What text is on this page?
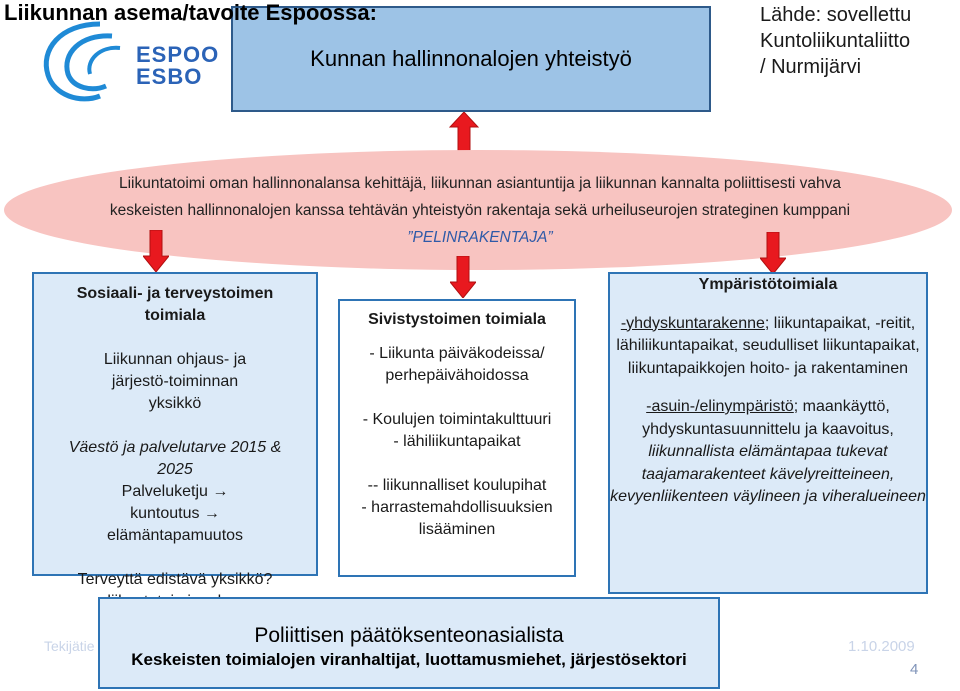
ESPOO
ESBO
Kunnan hallinnonalojen yhteistyö
Liikunnan asema/tavoite Espoossa:	Lähde: sovellettu
Kuntoliikuntaliitto
/ Nurmijärvi
Liikuntatoimi oman hallinnonalansa kehittäjä, liikunnan asiantuntija ja liikunnan kannalta poliittisesti vahva
keskeisten hallinnonalojen kanssa tehtävän yhteistyön rakentaja sekä urheiluseurojen strateginen kumppani
”PELINRAKENTAJA”
Sosiaali- ja terveystoimen toimiala
Liikunnan ohjaus- ja järjestö-toiminnan yksikkö
Väestö ja palvelutarve 2015 & 2025
Palveluketju → kuntoutus → elämäntapamuutos
Terveyttä edistävä yksikkö?
Sivistystoimen toimiala
- Liikunta päiväkodeissa/ perhepäivähoidossa
- Koulujen toimintakulttuuri
- lähiliikuntapaikat
-- liikunnalliset koulupihat
- harrastemahdollisuuksien lisääminen
Ympäristötoimiala
-yhdyskuntarakenne; liikuntapaikat, -reitit, lähiliikuntapaikat, seudulliset liikuntapaikat, liikuntapaikkojen hoito- ja rakentaminen
-asuin-/elinympäristö; maankäyttö, yhdyskuntasuunnittelu ja kaavoitus, liikunnallista elämäntapaa tukevat taajamarakenteet kävelyreitteineen, kevyenliikenteen väylineen ja viheralueineen
Tekijätie	1.10.2009
4
Poliittisen päätöksenteonasialista
Keskeisten toimialojen viranhaltijat, luottamusmiehet, järjestösektori
